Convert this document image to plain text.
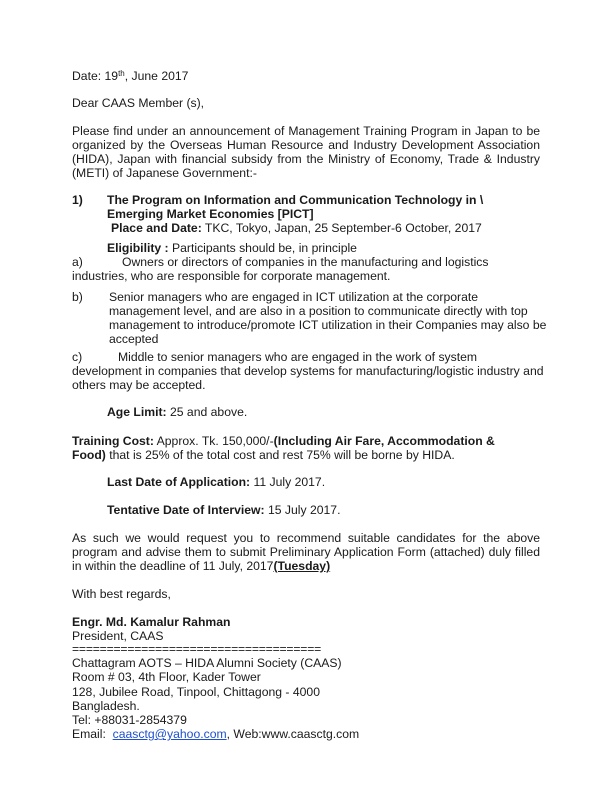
Date: 19th, June 2017
Dear CAAS Member (s),
Please find under an announcement of Management Training Program in Japan to be
organized by the Overseas Human Resource and Industry Development Association
(HIDA), Japan with financial subsidy from the Ministry of Economy, Trade & Industry
(METI) of Japanese Government:-
1) The Program on Information and Communication Technology in \
Emerging Market Economies [PICT]
Place and Date: TKC, Tokyo, Japan, 25 September-6 October, 2017
Eligibility : Participants should be, in principle
a)	Owners or directors of companies in the manufacturing and logistics
industries, who are responsible for corporate management.
b) Senior managers who are engaged in ICT utilization at the corporate
management level, and are also in a position to communicate directly with top
management to introduce/promote ICT utilization in their Companies may also be
accepted
c)	Middle to senior managers who are engaged in the work of system
development in companies that develop systems for manufacturing/logistic industry and
others may be accepted.
Age Limit: 25 and above.
Training Cost: Approx. Tk. 150,000/-(Including Air Fare, Accommodation &
Food) that is 25% of the total cost and rest 75% will be borne by HIDA.
Last Date of Application: 11 July 2017.
Tentative Date of Interview: 15 July 2017.
As such we would request you to recommend suitable candidates for the above
program and advise them to submit Preliminary Application Form (attached) duly filled
in within the deadline of 11 July, 2017(Tuesday)
With best regards,
Engr. Md. Kamalur Rahman
President, CAAS
====================================
Chattagram AOTS – HIDA Alumni Society (CAAS)
Room # 03, 4th Floor, Kader Tower
128, Jubilee Road, Tinpool, Chittagong - 4000
Bangladesh.
Tel: +88031-2854379
Email:  caasctg@yahoo.com, Web:www.caasctg.com
